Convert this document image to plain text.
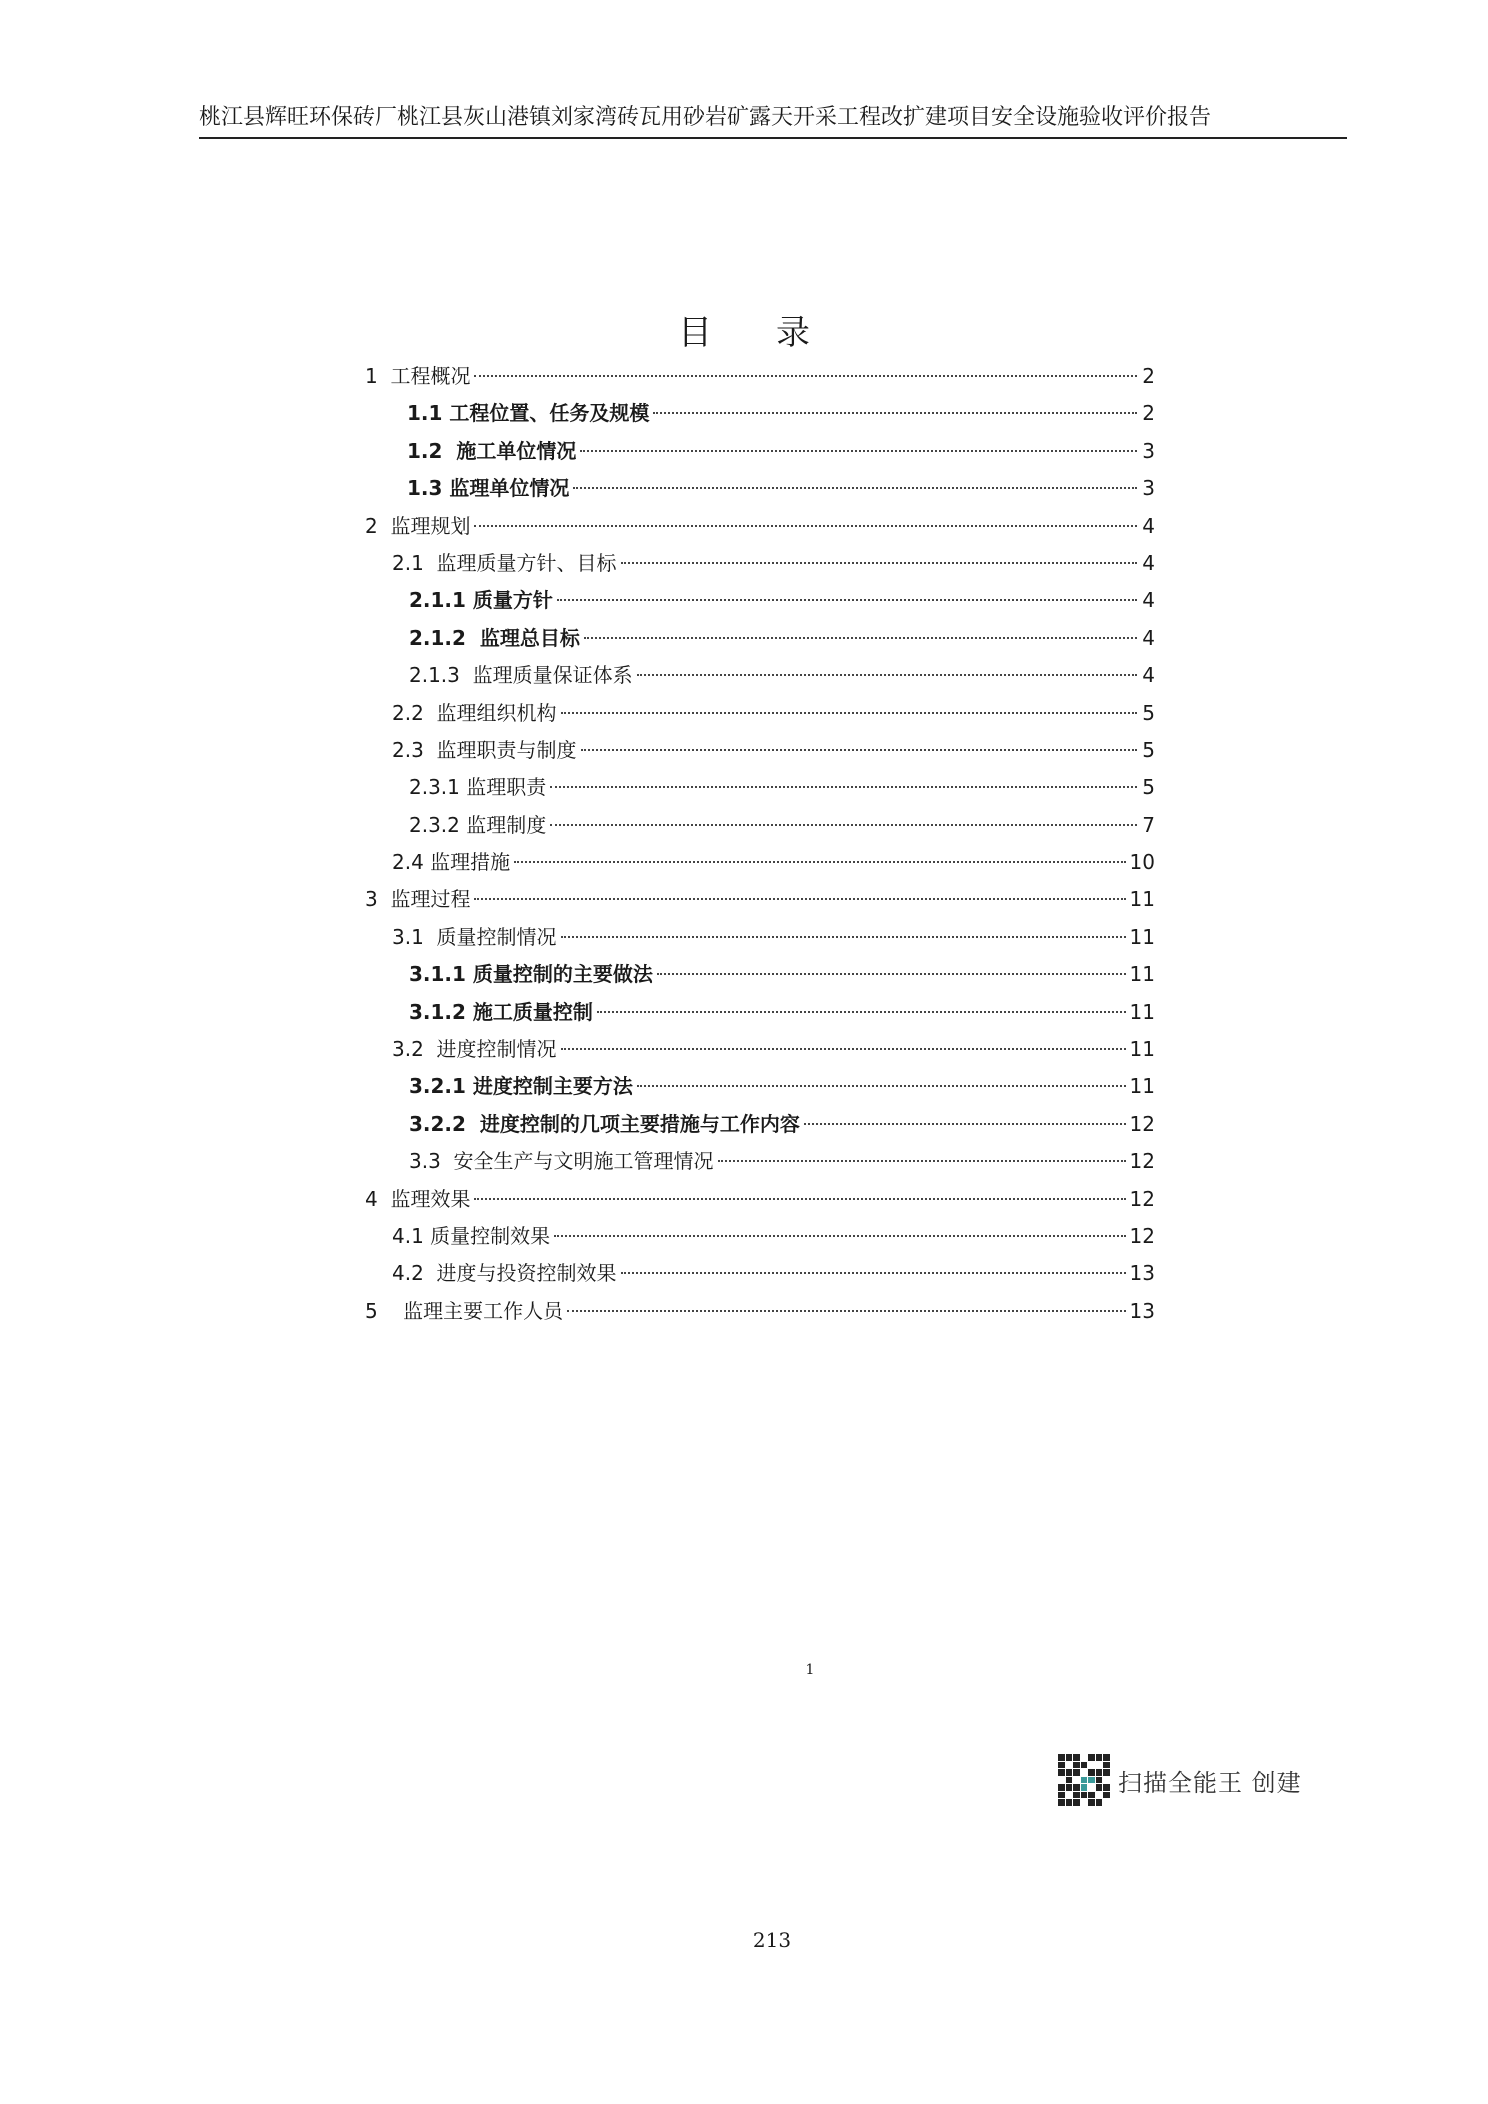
桃江县辉旺环保砖厂桃江县灰山港镇刘家湾砖瓦用砂岩矿露天开采工程改扩建项目安全设施验收评价报告
目录
1  工程概况	2
1.1 工程位置、任务及规模	2
1.2  施工单位情况	3
1.3 监理单位情况	3
2  监理规划	4
2.1  监理质量方针、目标	4
2.1.1 质量方针	4
2.1.2  监理总目标	4
2.1.3  监理质量保证体系	4
2.2  监理组织机构	5
2.3  监理职责与制度	5
2.3.1 监理职责	5
2.3.2 监理制度	7
2.4 监理措施	10
3  监理过程	11
3.1  质量控制情况	11
3.1.1 质量控制的主要做法	11
3.1.2 施工质量控制	11
3.2  进度控制情况	11
3.2.1 进度控制主要方法	11
3.2.2  进度控制的几项主要措施与工作内容	12
3.3  安全生产与文明施工管理情况	12
4  监理效果	12
4.1 质量控制效果	12
4.2  进度与投资控制效果	13
5    监理主要工作人员	13
1
扫描全能王 创建
213
